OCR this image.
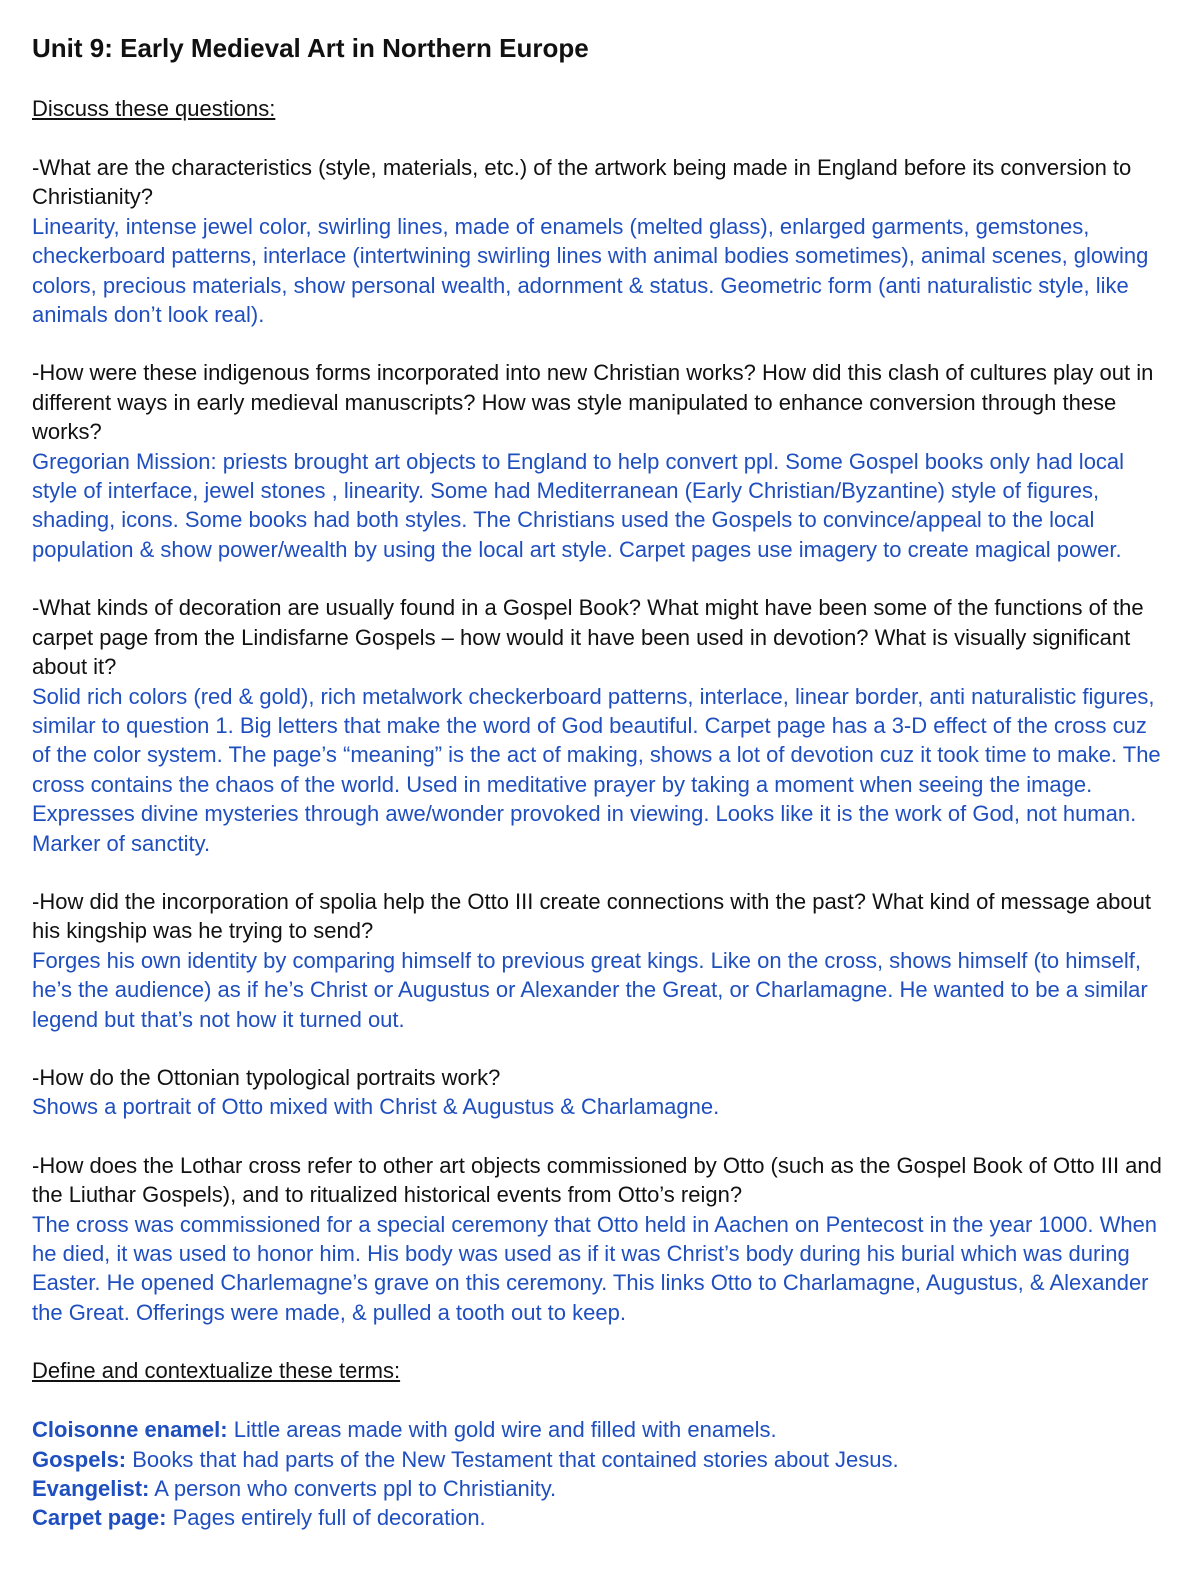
Unit 9: Early Medieval Art in Northern Europe

Discuss these questions:

-What are the characteristics (style, materials, etc.) of the artwork being made in England before its conversion to Christianity?

Linearity, intense jewel color, swirling lines, made of enamels (melted glass), enlarged garments, gemstones, checkerboard patterns, interlace (intertwining swirling lines with animal bodies sometimes), animal scenes, glowing colors, precious materials, show personal wealth, adornment & status. Geometric form (anti naturalistic style, like animals don’t look real).

-How were these indigenous forms incorporated into new Christian works? How did this clash of cultures play out in different ways in early medieval manuscripts? How was style manipulated to enhance conversion through these works?

Gregorian Mission: priests brought art objects to England to help convert ppl. Some Gospel books only had local style of interface, jewel stones , linearity. Some had Mediterranean (Early Christian/Byzantine) style of figures, shading, icons. Some books had both styles. The Christians used the Gospels to convince/appeal to the local population & show power/wealth by using the local art style. Carpet pages use imagery to create magical power.

-What kinds of decoration are usually found in a Gospel Book? What might have been some of the functions of the carpet page from the Lindisfarne Gospels – how would it have been used in devotion? What is visually significant about it?

Solid rich colors (red & gold), rich metalwork checkerboard patterns, interlace, linear border, anti naturalistic figures, similar to question 1. Big letters that make the word of God beautiful. Carpet page has a 3-D effect of the cross cuz of the color system. The page’s “meaning” is the act of making, shows a lot of devotion cuz it took time to make. The cross contains the chaos of the world. Used in meditative prayer by taking a moment when seeing the image. Expresses divine mysteries through awe/wonder provoked in viewing. Looks like it is the work of God, not human. Marker of sanctity.

-How did the incorporation of spolia help the Otto III create connections with the past? What kind of message about his kingship was he trying to send?

Forges his own identity by comparing himself to previous great kings. Like on the cross, shows himself (to himself, he’s the audience) as if he’s Christ or Augustus or Alexander the Great, or Charlamagne. He wanted to be a similar legend but that’s not how it turned out.

-How do the Ottonian typological portraits work?

Shows a portrait of Otto mixed with Christ & Augustus & Charlamagne.

-How does the Lothar cross refer to other art objects commissioned by Otto (such as the Gospel Book of Otto III and the Liuthar Gospels), and to ritualized historical events from Otto’s reign?

The cross was commissioned for a special ceremony that Otto held in Aachen on Pentecost in the year 1000. When he died, it was used to honor him. His body was used as if it was Christ’s body during his burial which was during Easter. He opened Charlemagne’s grave on this ceremony. This links Otto to Charlamagne, Augustus, & Alexander the Great. Offerings were made, & pulled a tooth out to keep.

Define and contextualize these terms:

Cloisonne enamel: Little areas made with gold wire and filled with enamels.

Gospels: Books that had parts of the New Testament that contained stories about Jesus.

Evangelist: A person who converts ppl to Christianity.

Carpet page: Pages entirely full of decoration.
